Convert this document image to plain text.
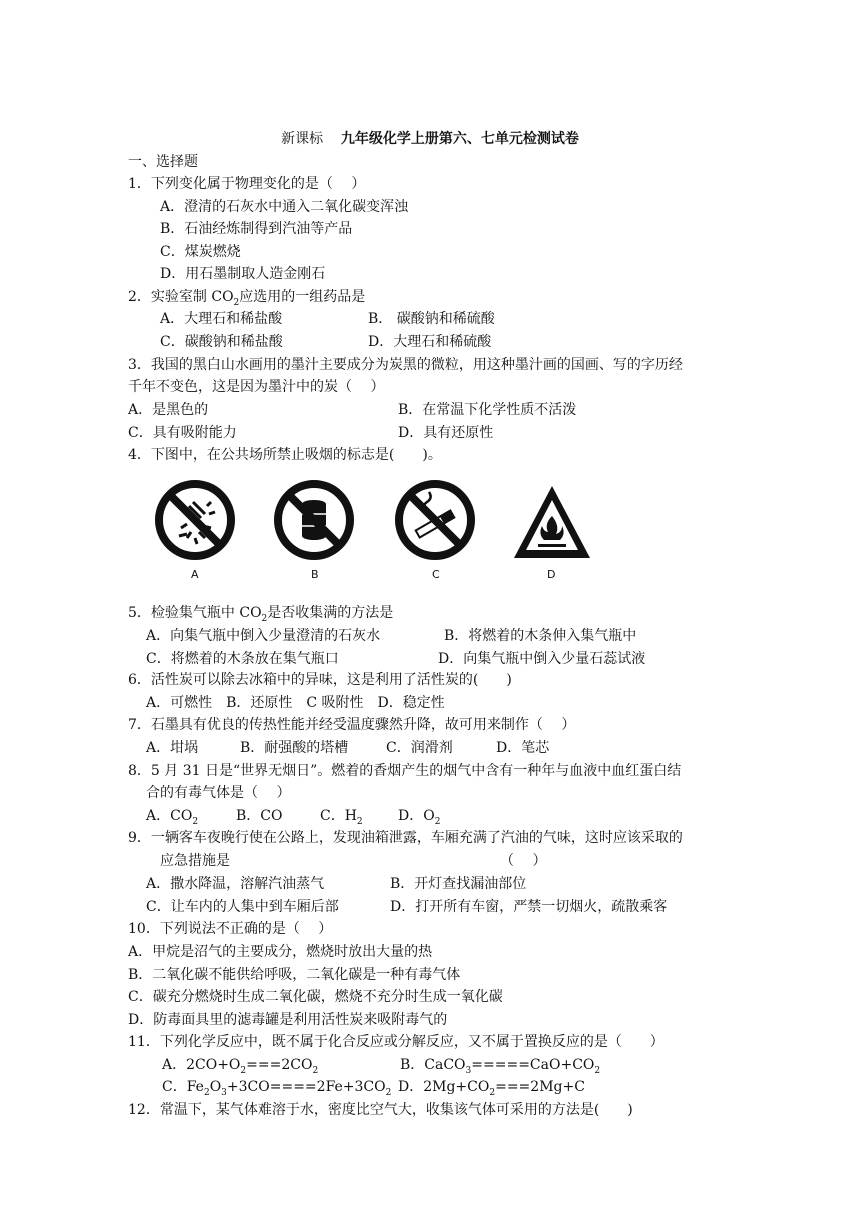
新课标 九年级化学上册第六、七单元检测试卷
一、选择题
1．下列变化属于物理变化的是（　 ）
A．澄清的石灰水中通入二氧化碳变浑浊
B．石油经炼制得到汽油等产品
C．煤炭燃烧
D．用石墨制取人造金刚石
2．实验室制 $CO_2$应选用的一组药品是
A．大理石和稀盐酸	B． 碳酸钠和稀硫酸
C．碳酸钠和稀盐酸	D．大理石和稀硫酸
3．我国的黑白山水画用的墨汁主要成分为炭黑的微粒，用这种墨汁画的国画、写的字历经
千年不变色，这是因为墨汁中的炭（　 ）
A．是黑色的	B．在常温下化学性质不活泼
C．具有吸附能力	D．具有还原性
4．下图中，在公共场所禁止吸烟的标志是(　　)。
A	B	C	D
5．检验集气瓶中 $CO_2$是否收集满的方法是
A．向集气瓶中倒入少量澄清的石灰水	B．将燃着的木条伸入集气瓶中
C．将燃着的木条放在集气瓶口	D．向集气瓶中倒入少量石蕊试液
6．活性炭可以除去冰箱中的异味，这是利用了活性炭的(　　)
A．可燃性　B．还原性　C 吸附性　D．稳定性
7．石墨具有优良的传热性能并经受温度骤然升降，故可用来制作（　 ）
A．坩埚	B．耐强酸的塔槽	C．润滑剂	D．笔芯
8．5 月 31 日是“世界无烟日”。燃着的香烟产生的烟气中含有一种年与血液中血红蛋白结
合的有毒气体是（　 ）
A．$CO_2$	B．CO	C．$H_2$	D．$O_2$
9．一辆客车夜晚行使在公路上，发现油箱泄露，车厢充满了汽油的气味，这时应该采取的
应急措施是	（　 ）
A．撒水降温，溶解汽油蒸气	B．开灯查找漏油部位
C．让车内的人集中到车厢后部	D．打开所有车窗，严禁一切烟火，疏散乘客
10．下列说法不正确的是（　 ）
A．甲烷是沼气的主要成分，燃烧时放出大量的热
B．二氧化碳不能供给呼吸，二氧化碳是一种有毒气体
C．碳充分燃烧时生成二氧化碳，燃烧不充分时生成一氧化碳
D．防毒面具里的滤毒罐是利用活性炭来吸附毒气的
11．下列化学反应中，既不属于化合反应或分解反应，又不属于置换反应的是（　　）
A．$2CO+O_2===2CO_2$	B．$CaCO_3=====CaO+CO_2$
C．$Fe_2O_3+3CO====2Fe+3CO_2$ D．$2Mg+CO_2===2Mg+C$
12．常温下，某气体难溶于水，密度比空气大，收集该气体可采用的方法是(　　)
